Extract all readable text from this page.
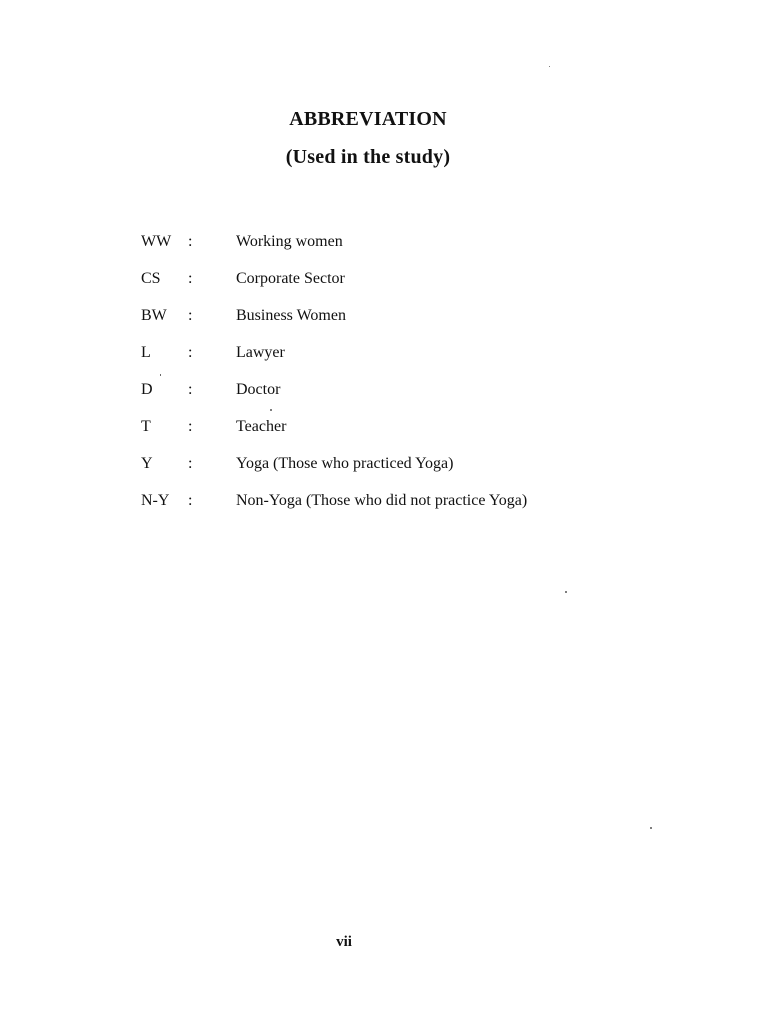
ABBREVIATION
(Used in the study)
WW :	Working women
CS :	Corporate Sector
BW :	Business Women
L :	Lawyer
D :	Doctor
T :	Teacher
Y :	Yoga (Those who practiced Yoga)
N-Y :	Non-Yoga (Those who did not practice Yoga)
vii
